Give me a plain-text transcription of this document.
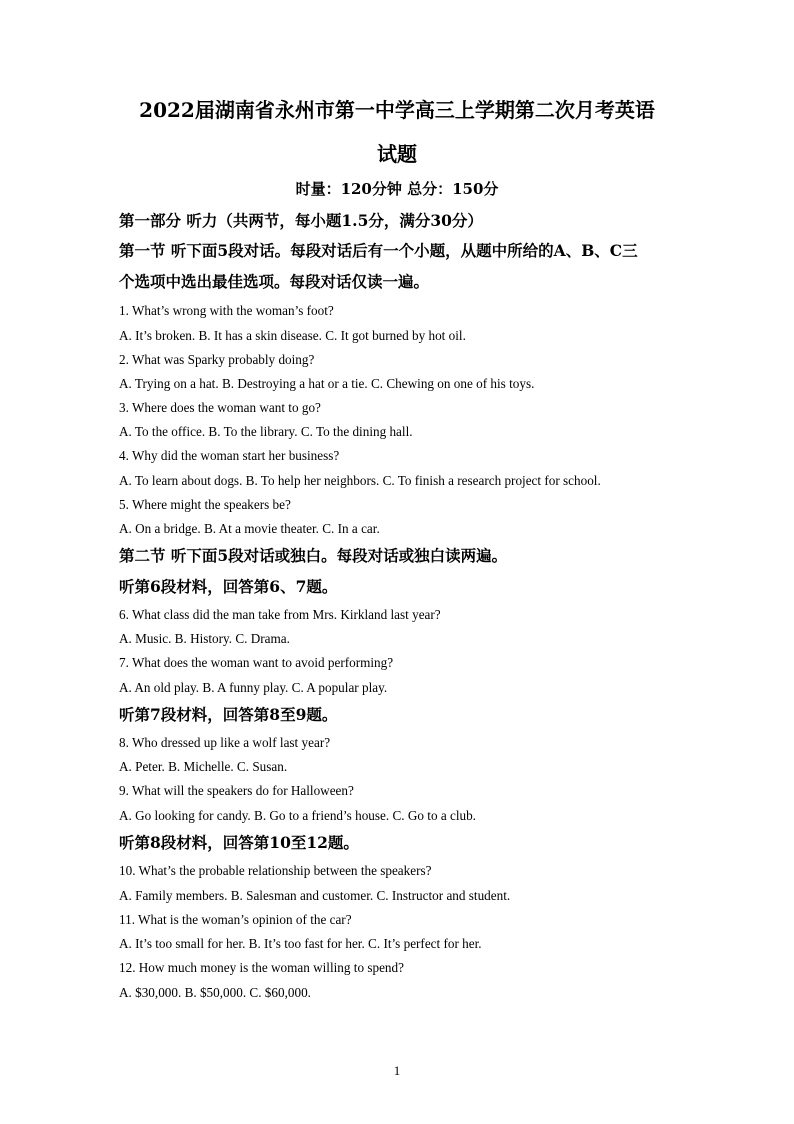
2022届湖南省永州市第一中学高三上学期第二次月考英语
试题
时量：120分钟 总分：150分
第一部分 听力（共两节，每小题1.5分，满分30分）
第一节 听下面5段对话。每段对话后有一个小题，从题中所给的A、B、C三
个选项中选出最佳选项。每段对话仅读一遍。
1. What’s wrong with the woman’s foot?
A. It’s broken. B. It has a skin disease. C. It got burned by hot oil.
2. What was Sparky probably doing?
A. Trying on a hat. B. Destroying a hat or a tie. C. Chewing on one of his toys.
3. Where does the woman want to go?
A. To the office. B. To the library. C. To the dining hall.
4. Why did the woman start her business?
A. To learn about dogs. B. To help her neighbors. C. To finish a research project for school.
5. Where might the speakers be?
A. On a bridge. B. At a movie theater. C. In a car.
第二节 听下面5段对话或独白。每段对话或独白读两遍。
听第6段材料，回答第6、7题。
6. What class did the man take from Mrs. Kirkland last year?
A. Music. B. History. C. Drama.
7. What does the woman want to avoid performing?
A. An old play. B. A funny play. C. A popular play.
听第7段材料，回答第8至9题。
8. Who dressed up like a wolf last year?
A. Peter. B. Michelle. C. Susan.
9. What will the speakers do for Halloween?
A. Go looking for candy. B. Go to a friend’s house. C. Go to a club.
听第8段材料，回答第10至12题。
10. What’s the probable relationship between the speakers?
A. Family members. B. Salesman and customer. C. Instructor and student.
11. What is the woman’s opinion of the car?
A. It’s too small for her. B. It’s too fast for her. C. It’s perfect for her.
12. How much money is the woman willing to spend?
A. $30,000. B. $50,000. C. $60,000.
1
